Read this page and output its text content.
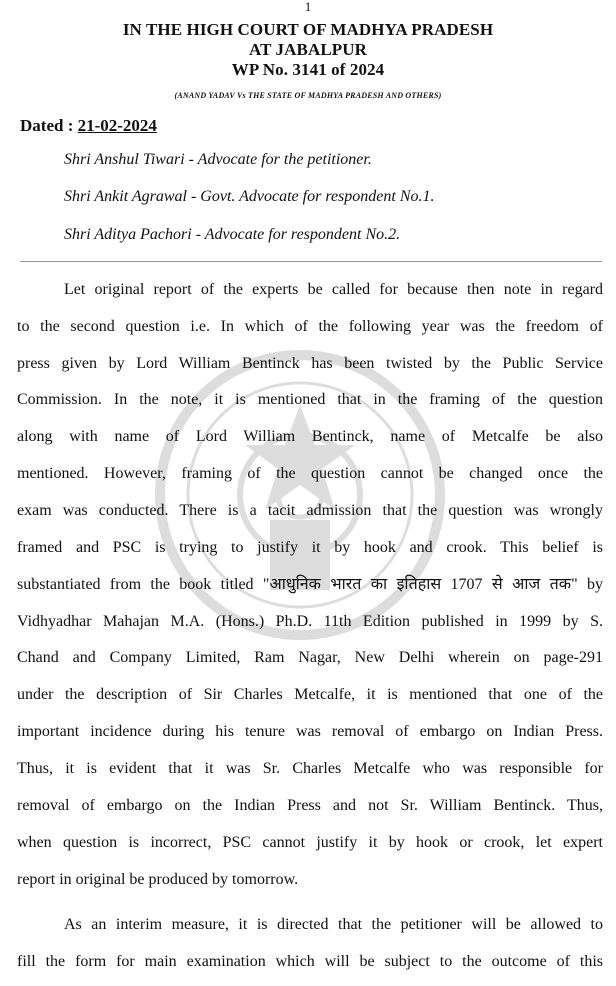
1
IN THE HIGH COURT OF MADHYA PRADESH
AT JABALPUR
WP No. 3141 of 2024
(ANAND YADAV Vs THE STATE OF MADHYA PRADESH AND OTHERS)
Dated : 21-02-2024
Shri Anshul Tiwari - Advocate for the petitioner.
Shri Ankit Agrawal - Govt. Advocate for respondent No.1.
Shri Aditya Pachori - Advocate for respondent No.2.
Let original report of the experts be called for because then note in regard
to the second question i.e. In which of the following year was the freedom of
press given by Lord William Bentinck has been twisted by the Public Service
Commission. In the note, it is mentioned that in the framing of the question
along with name of Lord William Bentinck, name of Metcalfe be also
mentioned. However, framing of the question cannot be changed once the
exam was conducted. There is a tacit admission that the question was wrongly
framed and PSC is trying to justify it by hook and crook. This belief is
substantiated from the book titled "आधुनिक भारत का इतिहास 1707 से आज तक" by
Vidhyadhar Mahajan M.A. (Hons.) Ph.D. 11th Edition published in 1999 by S.
Chand and Company Limited, Ram Nagar, New Delhi wherein on page-291
under the description of Sir Charles Metcalfe, it is mentioned that one of the
important incidence during his tenure was removal of embargo on Indian Press.
Thus, it is evident that it was Sr. Charles Metcalfe who was responsible for
removal of embargo on the Indian Press and not Sr. William Bentinck. Thus,
when question is incorrect, PSC cannot justify it by hook or crook, let expert
report in original be produced by tomorrow.
As an interim measure, it is directed that the petitioner will be allowed to
fill the form for main examination which will be subject to the outcome of this
